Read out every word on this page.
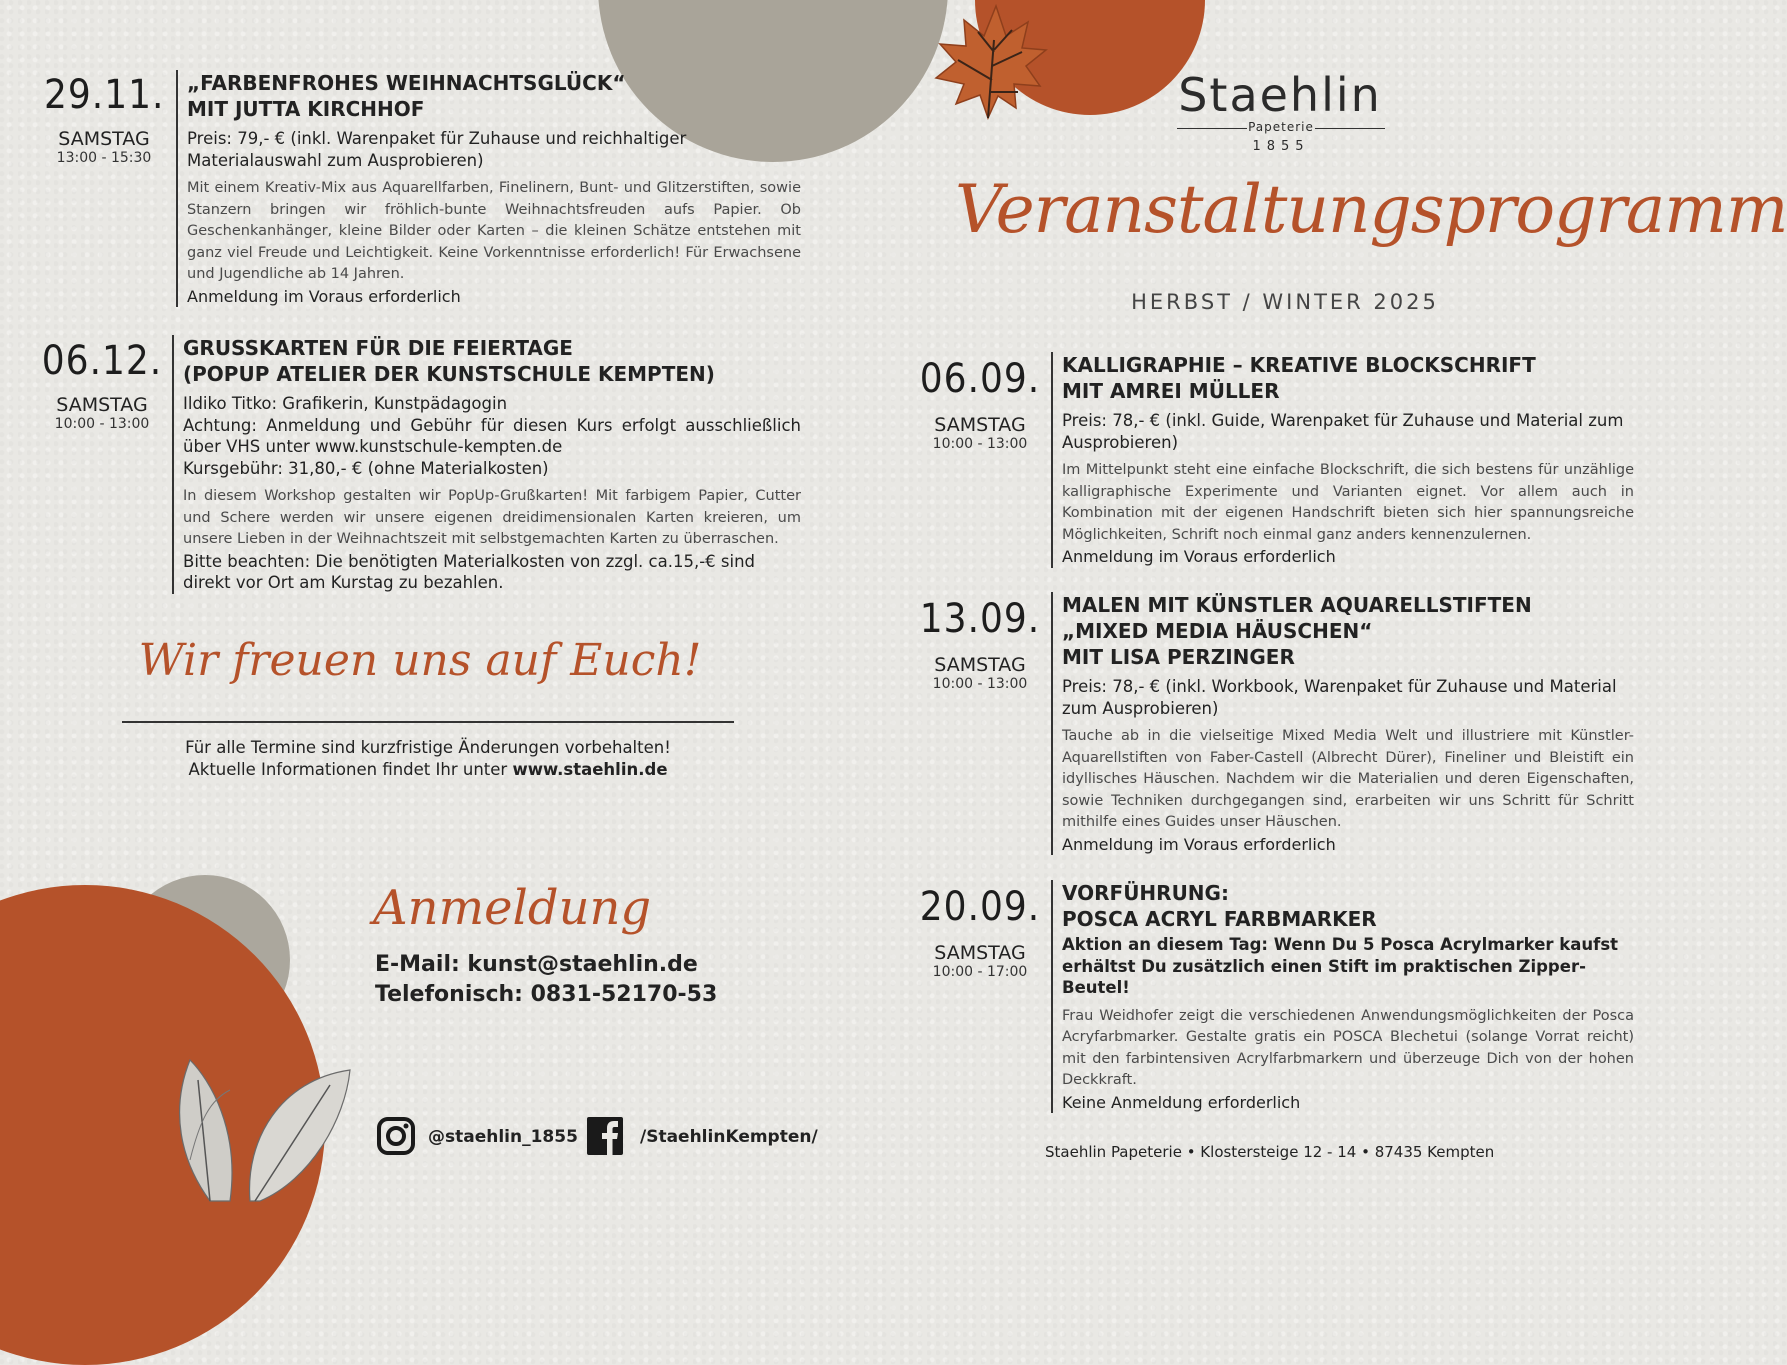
Staehlin
Papeterie
1855
Veranstaltungsprogramm
HERBST / WINTER 2025
29.11.
SAMSTAG
13:00 - 15:30
„FARBENFROHES WEIHNACHTSGLÜCK“
MIT JUTTA KIRCHHOF
Preis: 79,- € (inkl. Warenpaket für Zuhause und reichhaltiger Materialauswahl zum Ausprobieren)
Mit einem Kreativ-Mix aus Aquarellfarben, Finelinern, Bunt- und Glitzerstiften, sowie Stanzern bringen wir fröhlich-bunte Weihnachtsfreuden aufs Papier. Ob Geschenkanhänger, kleine Bilder oder Karten – die kleinen Schätze entstehen mit ganz viel Freude und Leichtigkeit. Keine Vorkenntnisse erforderlich! Für Erwachsene und Jugendliche ab 14 Jahren.
Anmeldung im Voraus erforderlich
06.12.
SAMSTAG
10:00 - 13:00
GRUSSKARTEN FÜR DIE FEIERTAGE
(POPUP ATELIER DER KUNSTSCHULE KEMPTEN)
Ildiko Titko: Grafikerin, Kunstpädagogin
Achtung: Anmeldung und Gebühr für diesen Kurs erfolgt ausschließlich über VHS unter www.kunstschule-kempten.de
Kursgebühr: 31,80,- € (ohne Materialkosten)
In diesem Workshop gestalten wir PopUp-Grußkarten! Mit farbigem Papier, Cutter und Schere werden wir unsere eigenen dreidimensionalen Karten kreieren, um unsere Lieben in der Weihnachtszeit mit selbstgemachten Karten zu überraschen.
Bitte beachten: Die benötigten Materialkosten von zzgl. ca.15,-€ sind direkt vor Ort am Kurstag zu bezahlen.
Wir freuen uns auf Euch!
Für alle Termine sind kurzfristige Änderungen vorbehalten!
Aktuelle Informationen findet Ihr unter www.staehlin.de
Anmeldung
E-Mail: kunst@staehlin.de
Telefonisch: 0831-52170-53
@staehlin_1855	/StaehlinKempten/
06.09.
SAMSTAG
10:00 - 13:00
KALLIGRAPHIE – KREATIVE BLOCKSCHRIFT
MIT AMREI MÜLLER
Preis: 78,- € (inkl. Guide, Warenpaket für Zuhause und Material zum Ausprobieren)
Im Mittelpunkt steht eine einfache Blockschrift, die sich bestens für unzählige kalligraphische Experimente und Varianten eignet. Vor allem auch in Kombination mit der eigenen Handschrift bieten sich hier spannungsreiche Möglichkeiten, Schrift noch einmal ganz anders kennenzulernen.
Anmeldung im Voraus erforderlich
13.09.
SAMSTAG
10:00 - 13:00
MALEN MIT KÜNSTLER AQUARELLSTIFTEN
„MIXED MEDIA HÄUSCHEN“
MIT LISA PERZINGER
Preis: 78,- € (inkl. Workbook, Warenpaket für Zuhause und Material zum Ausprobieren)
Tauche ab in die vielseitige Mixed Media Welt und illustriere mit Künstler-Aquarellstiften von Faber-Castell (Albrecht Dürer), Fineliner und Bleistift ein idyllisches Häuschen. Nachdem wir die Materialien und deren Eigenschaften, sowie Techniken durchgegangen sind, erarbeiten wir uns Schritt für Schritt mithilfe eines Guides unser Häuschen.
Anmeldung im Voraus erforderlich
20.09.
SAMSTAG
10:00 - 17:00
VORFÜHRUNG:
POSCA ACRYL FARBMARKER
Aktion an diesem Tag: Wenn Du 5 Posca Acrylmarker kaufst erhältst Du zusätzlich einen Stift im praktischen Zipper-Beutel!
Frau Weidhofer zeigt die verschiedenen Anwendungsmöglichkeiten der Posca Acryfarbmarker. Gestalte gratis ein POSCA Blechetui (solange Vorrat reicht) mit den farbintensiven Acrylfarbmarkern und überzeuge Dich von der hohen Deckkraft.
Keine Anmeldung erforderlich
Staehlin Papeterie • Klostersteige 12 - 14 • 87435 Kempten
